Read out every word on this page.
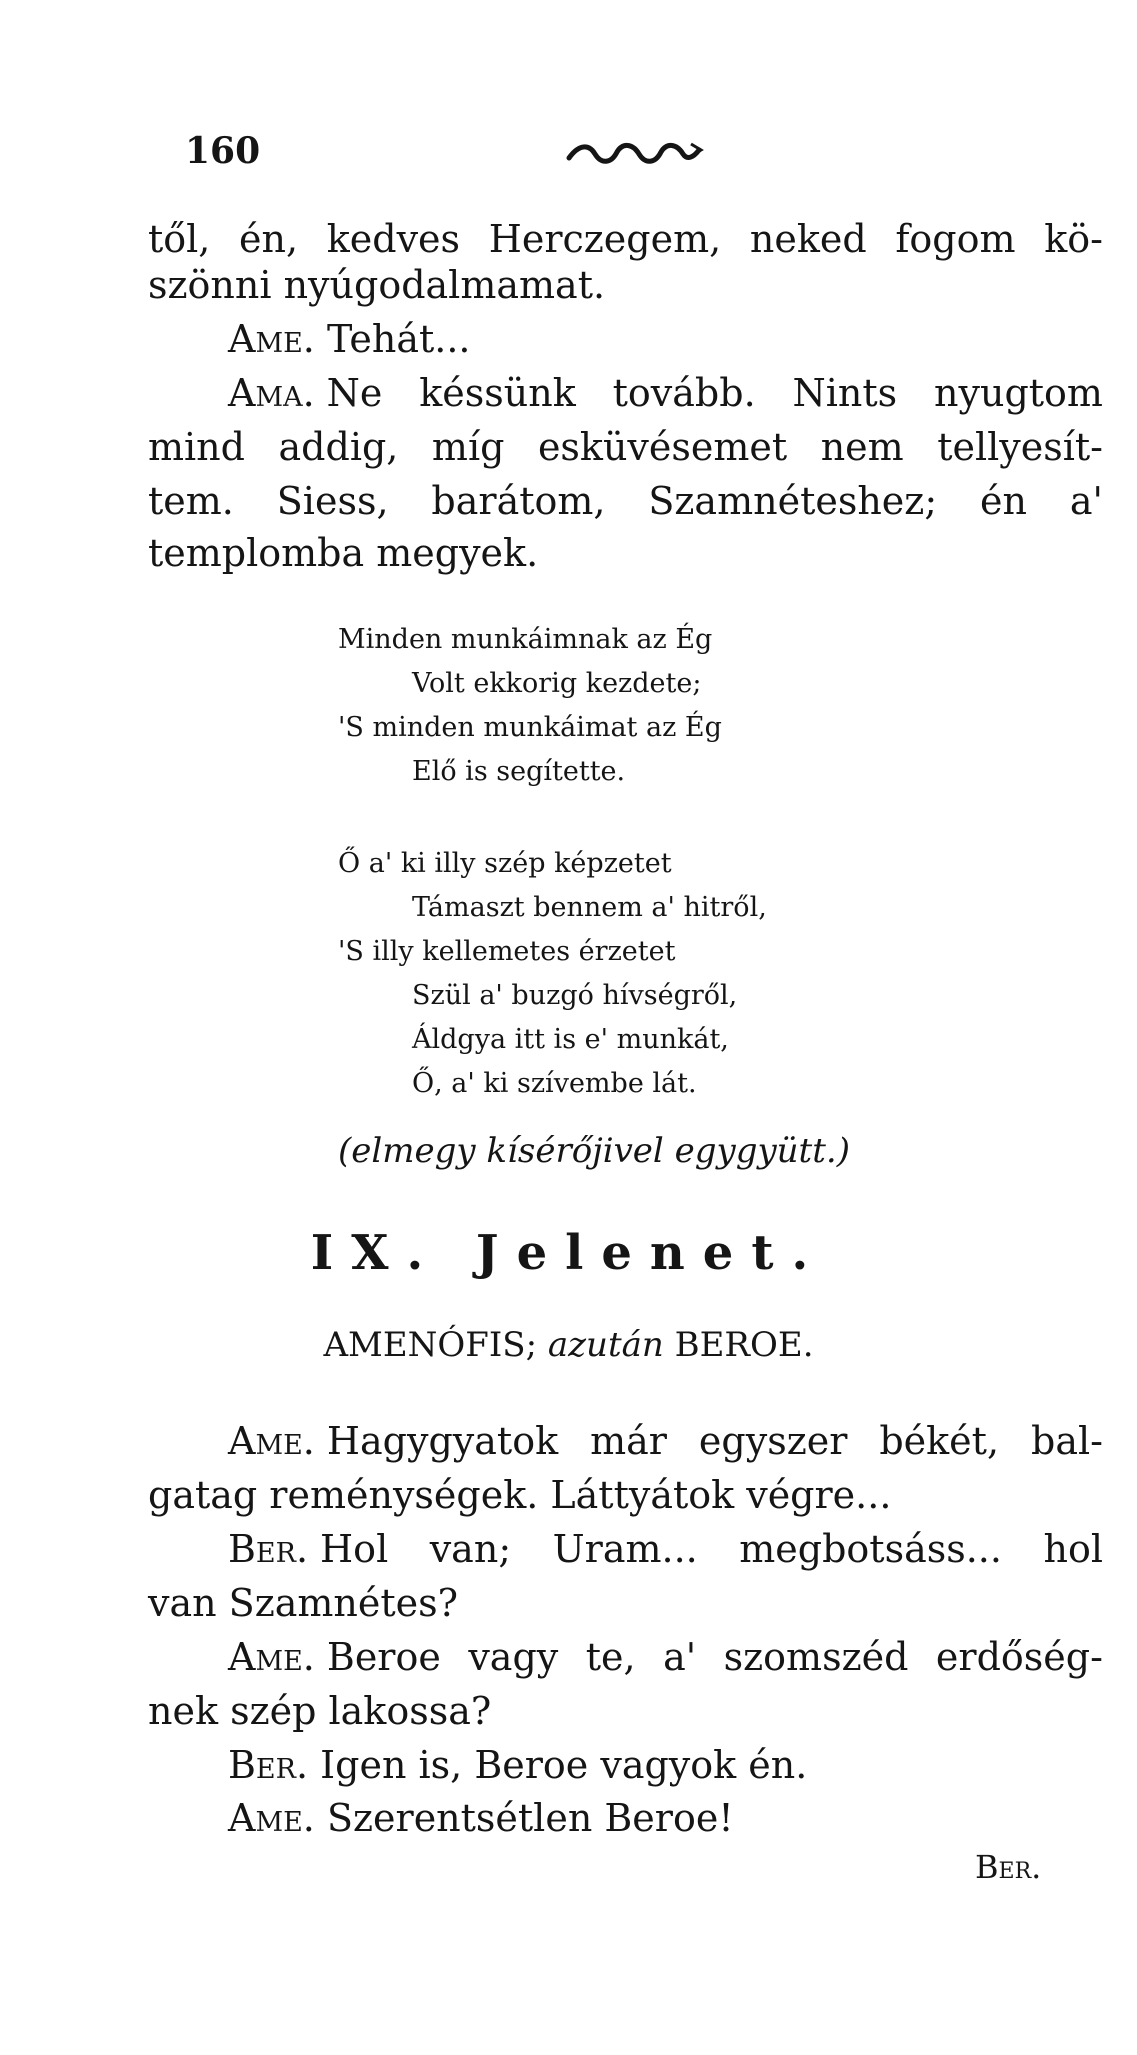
160
től, én, kedves Herczegem, neked fogom kö-
szönni nyúgodalmamat.
Ame. Tehát...
Ama. Ne késsünk tovább. Nints nyugtom
mind addig, míg esküvésemet nem tellyesít-
tem. Siess, barátom, Szamnéteshez; én a'
templomba megyek.
Minden munkáimnak az Ég
Volt ekkorig kezdete;
'S minden munkáimat az Ég
Elő is segítette.
Ő a' ki illy szép képzetet
Támaszt bennem a' hitről,
'S illy kellemetes érzetet
Szül a' buzgó hívségről,
Áldgya itt is e' munkát,
Ő, a' ki szívembe lát.
(elmegy kísérőjivel egygyütt.)
IX. Jelenet.
AMENÓFIS; azután BEROE.
Ame. Hagygyatok már egyszer békét, bal-
gatag reménységek. Láttyátok végre...
Ber. Hol van; Uram... megbotsáss... hol
van Szamnétes?
Ame. Beroe vagy te, a' szomszéd erdőség-
nek szép lakossa?
Ber. Igen is, Beroe vagyok én.
Ame. Szerentsétlen Beroe!
Ber.
